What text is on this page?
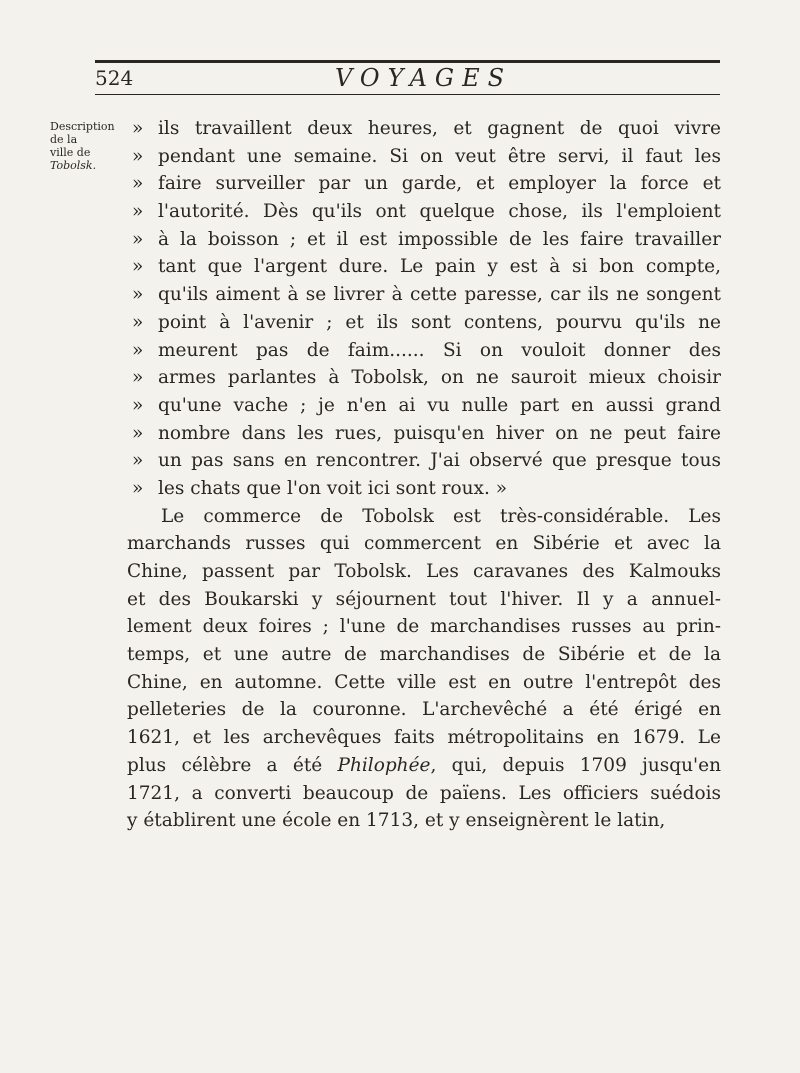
524	VOYAGES
Description de la
ville de Tobolsk.
» ils travaillent deux heures, et gagnent de quoi vivre
» pendant une semaine. Si on veut être servi, il faut les
» faire surveiller par un garde, et employer la force et
» l'autorité. Dès qu'ils ont quelque chose, ils l'emploient
» à la boisson ; et il est impossible de les faire travailler
» tant que l'argent dure. Le pain y est à si bon compte,
» qu'ils aiment à se livrer à cette paresse, car ils ne songent
» point à l'avenir ; et ils sont contens, pourvu qu'ils ne
» meurent pas de faim...... Si on vouloit donner des
» armes parlantes à Tobolsk, on ne sauroit mieux choisir
» qu'une vache ; je n'en ai vu nulle part en aussi grand
» nombre dans les rues, puisqu'en hiver on ne peut faire
» un pas sans en rencontrer. J'ai observé que presque tous
» les chats que l'on voit ici sont roux. »
Le commerce de Tobolsk est très-considérable. Les
marchands russes qui commercent en Sibérie et avec la
Chine, passent par Tobolsk. Les caravanes des Kalmouks
et des Boukarski y séjournent tout l'hiver. Il y a annuel-
lement deux foires ; l'une de marchandises russes au prin-
temps, et une autre de marchandises de Sibérie et de la
Chine, en automne. Cette ville est en outre l'entrepôt des
pelleteries de la couronne. L'archevêché a été érigé en
1621, et les archevêques faits métropolitains en 1679. Le
plus célèbre a été Philophée, qui, depuis 1709 jusqu'en
1721, a converti beaucoup de païens. Les officiers suédois
y établirent une école en 1713, et y enseignèrent le latin,
